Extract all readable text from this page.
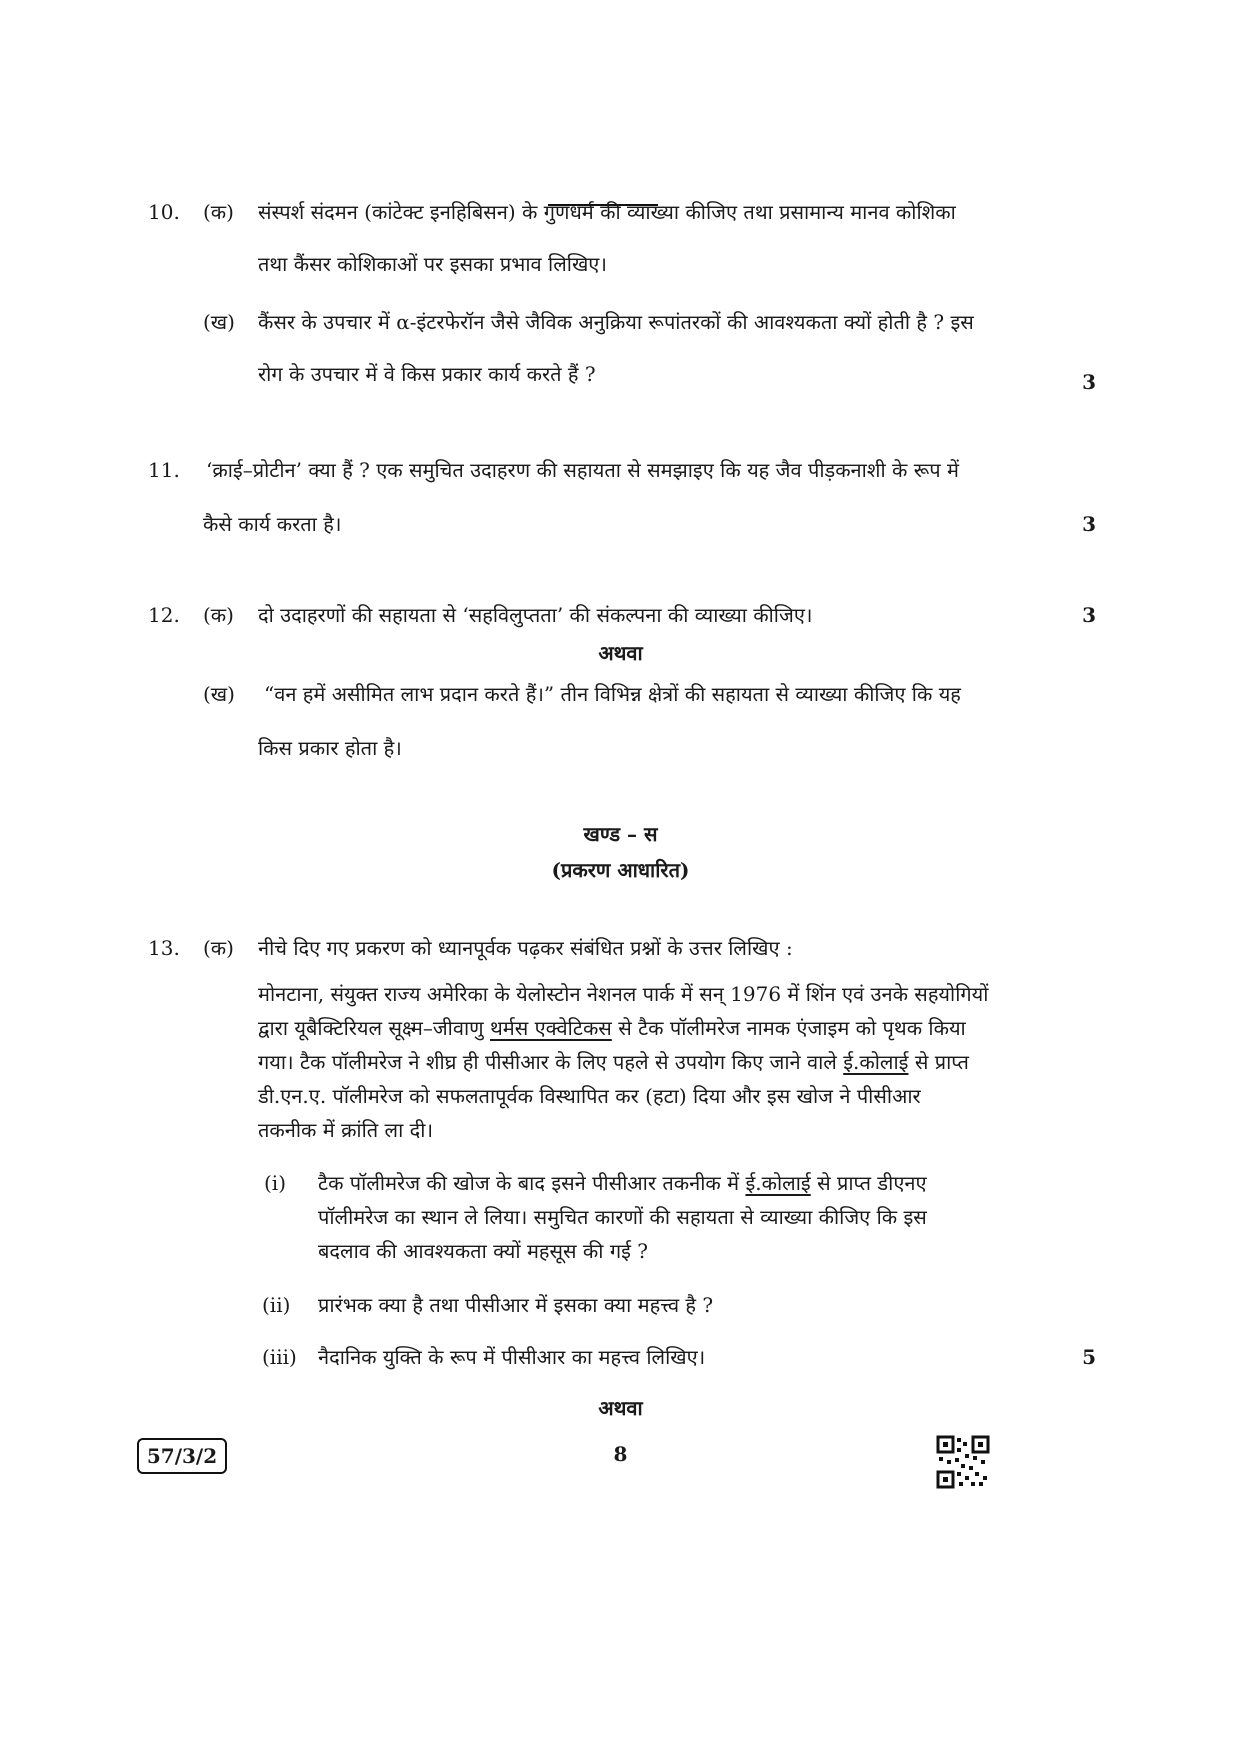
10. (क) संस्पर्श संदमन (कांटेक्ट इनहिबिसन) के गुणधर्म की व्याख्या कीजिए तथा प्रसामान्य मानव कोशिका
तथा कैंसर कोशिकाओं पर इसका प्रभाव लिखिए।
(ख) कैंसर के उपचार में α-इंटरफेरॉन जैसे जैविक अनुक्रिया रूपांतरकों की आवश्यकता क्यों होती है ? इस
रोग के उपचार में वे किस प्रकार कार्य करते हैं ?	3
11. ‘क्राई–प्रोटीन’ क्या हैं ? एक समुचित उदाहरण की सहायता से समझाइए कि यह जैव पीड़कनाशी के रूप में
कैसे कार्य करता है।	3
12. (क) दो उदाहरणों की सहायता से ‘सहविलुप्तता’ की संकल्पना की व्याख्या कीजिए।	3
अथवा
(ख) “वन हमें असीमित लाभ प्रदान करते हैं।” तीन विभिन्न क्षेत्रों की सहायता से व्याख्या कीजिए कि यह
किस प्रकार होता है।
खण्ड – स
(प्रकरण आधारित)
13. (क) नीचे दिए गए प्रकरण को ध्यानपूर्वक पढ़कर संबंधित प्रश्नों के उत्तर लिखिए :
मोनटाना, संयुक्त राज्य अमेरिका के येलोस्टोन नेशनल पार्क में सन् 1976 में शिंन एवं उनके सहयोगियों
द्वारा यूबैक्टिरियल सूक्ष्म–जीवाणु थर्मस एक्वेटिकस से टैक पॉलीमरेज नामक एंजाइम को पृथक किया
गया। टैक पॉलीमरेज ने शीघ्र ही पीसीआर के लिए पहले से उपयोग किए जाने वाले ई.कोलाई से प्राप्त
डी.एन.ए. पॉलीमरेज को सफलतापूर्वक विस्थापित कर (हटा) दिया और इस खोज ने पीसीआर
तकनीक में क्रांति ला दी।
(i) टैक पॉलीमरेज की खोज के बाद इसने पीसीआर तकनीक में ई.कोलाई से प्राप्त डीएनए
पॉलीमरेज का स्थान ले लिया। समुचित कारणों की सहायता से व्याख्या कीजिए कि इस
बदलाव की आवश्यकता क्यों महसूस की गई ?
(ii) प्रारंभक क्या है तथा पीसीआर में इसका क्या महत्त्व है ?
(iii) नैदानिक युक्ति के रूप में पीसीआर का महत्त्व लिखिए।	5
अथवा
57/3/2	8
